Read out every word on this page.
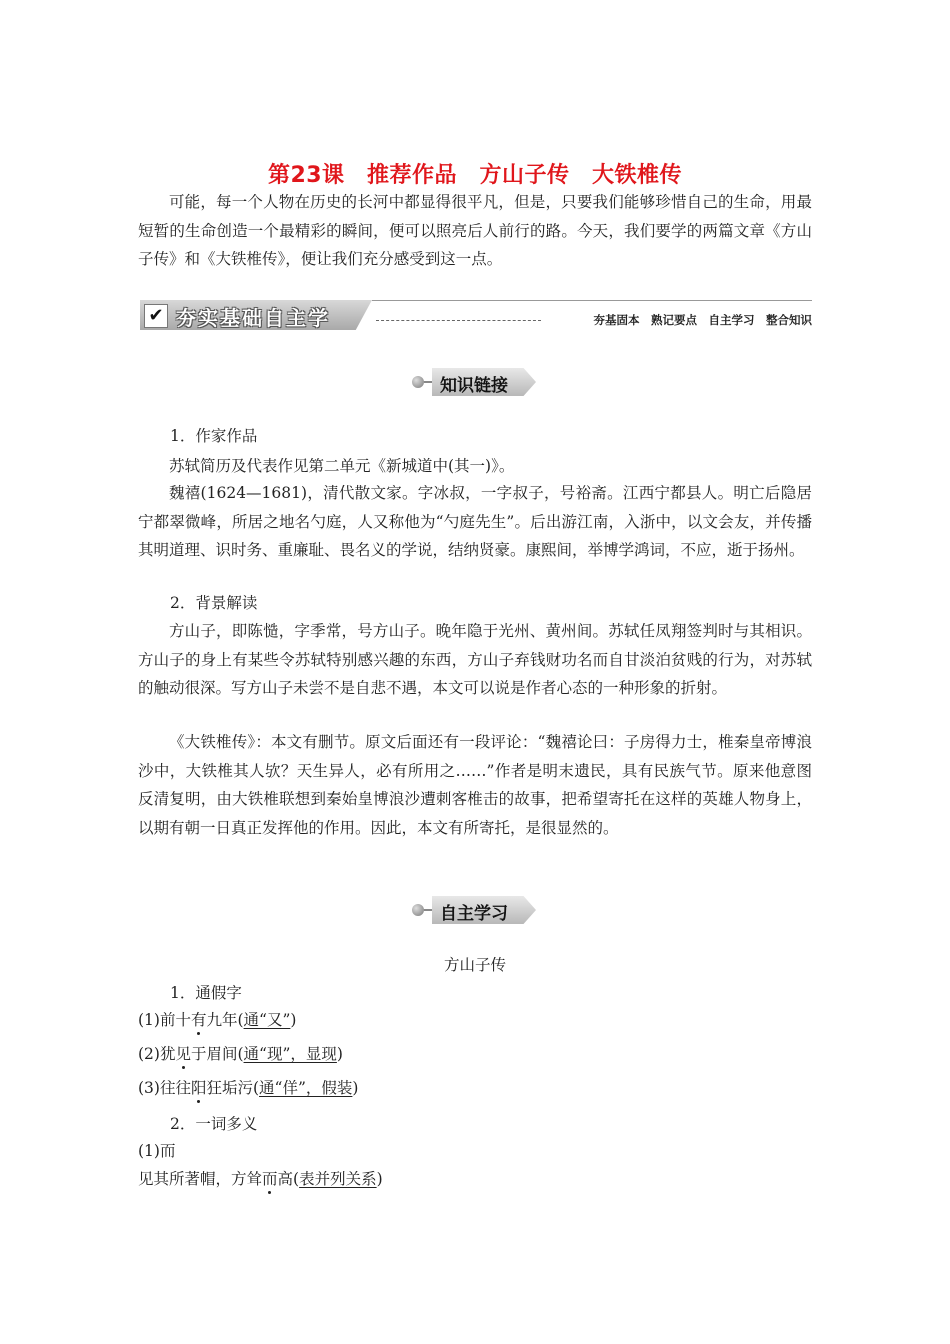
第23课　推荐作品　方山子传　大铁椎传

可能，每一个人物在历史的长河中都显得很平凡，但是，只要我们能够珍惜自己的生命，用最短暂的生命创造一个最精彩的瞬间，便可以照亮后人前行的路。今天，我们要学的两篇文章《方山子传》和《大铁椎传》，便让我们充分感受到这一点。

✔ 夯实基础自主学	夯基固本　熟记要点　自主学习　整合知识
知识链接

1．作家作品

苏轼简历及代表作见第二单元《新城道中(其一)》。

魏禧(1624—1681)，清代散文家。字冰叔，一字叔子，号裕斋。江西宁都县人。明亡后隐居宁都翠微峰，所居之地名勺庭，人又称他为“勺庭先生”。后出游江南，入浙中，以文会友，并传播其明道理、识时务、重廉耻、畏名义的学说，结纳贤豪。康熙间，举博学鸿词，不应，逝于扬州。

2．背景解读

方山子，即陈慥，字季常，号方山子。晚年隐于光州、黄州间。苏轼任凤翔签判时与其相识。方山子的身上有某些令苏轼特别感兴趣的东西，方山子弃钱财功名而自甘淡泊贫贱的行为，对苏轼的触动很深。写方山子未尝不是自悲不遇，本文可以说是作者心态的一种形象的折射。

《大铁椎传》：本文有删节。原文后面还有一段评论：“魏禧论曰：子房得力士，椎秦皇帝博浪沙中，大铁椎其人欤？天生异人，必有所用之……”作者是明末遗民，具有民族气节。原来他意图反清复明，由大铁椎联想到秦始皇博浪沙遭刺客椎击的故事，把希望寄托在这样的英雄人物身上，以期有朝一日真正发挥他的作用。因此，本文有所寄托，是很显然的。

自主学习

方山子传

1．通假字

(1)前十有九年(通“又”)

(2)犹见于眉间(通“现”，显现)

(3)往往阳狂垢污(通“佯”，假装)

2．一词多义

(1)而

见其所著帽，方耸而高(表并列关系)
